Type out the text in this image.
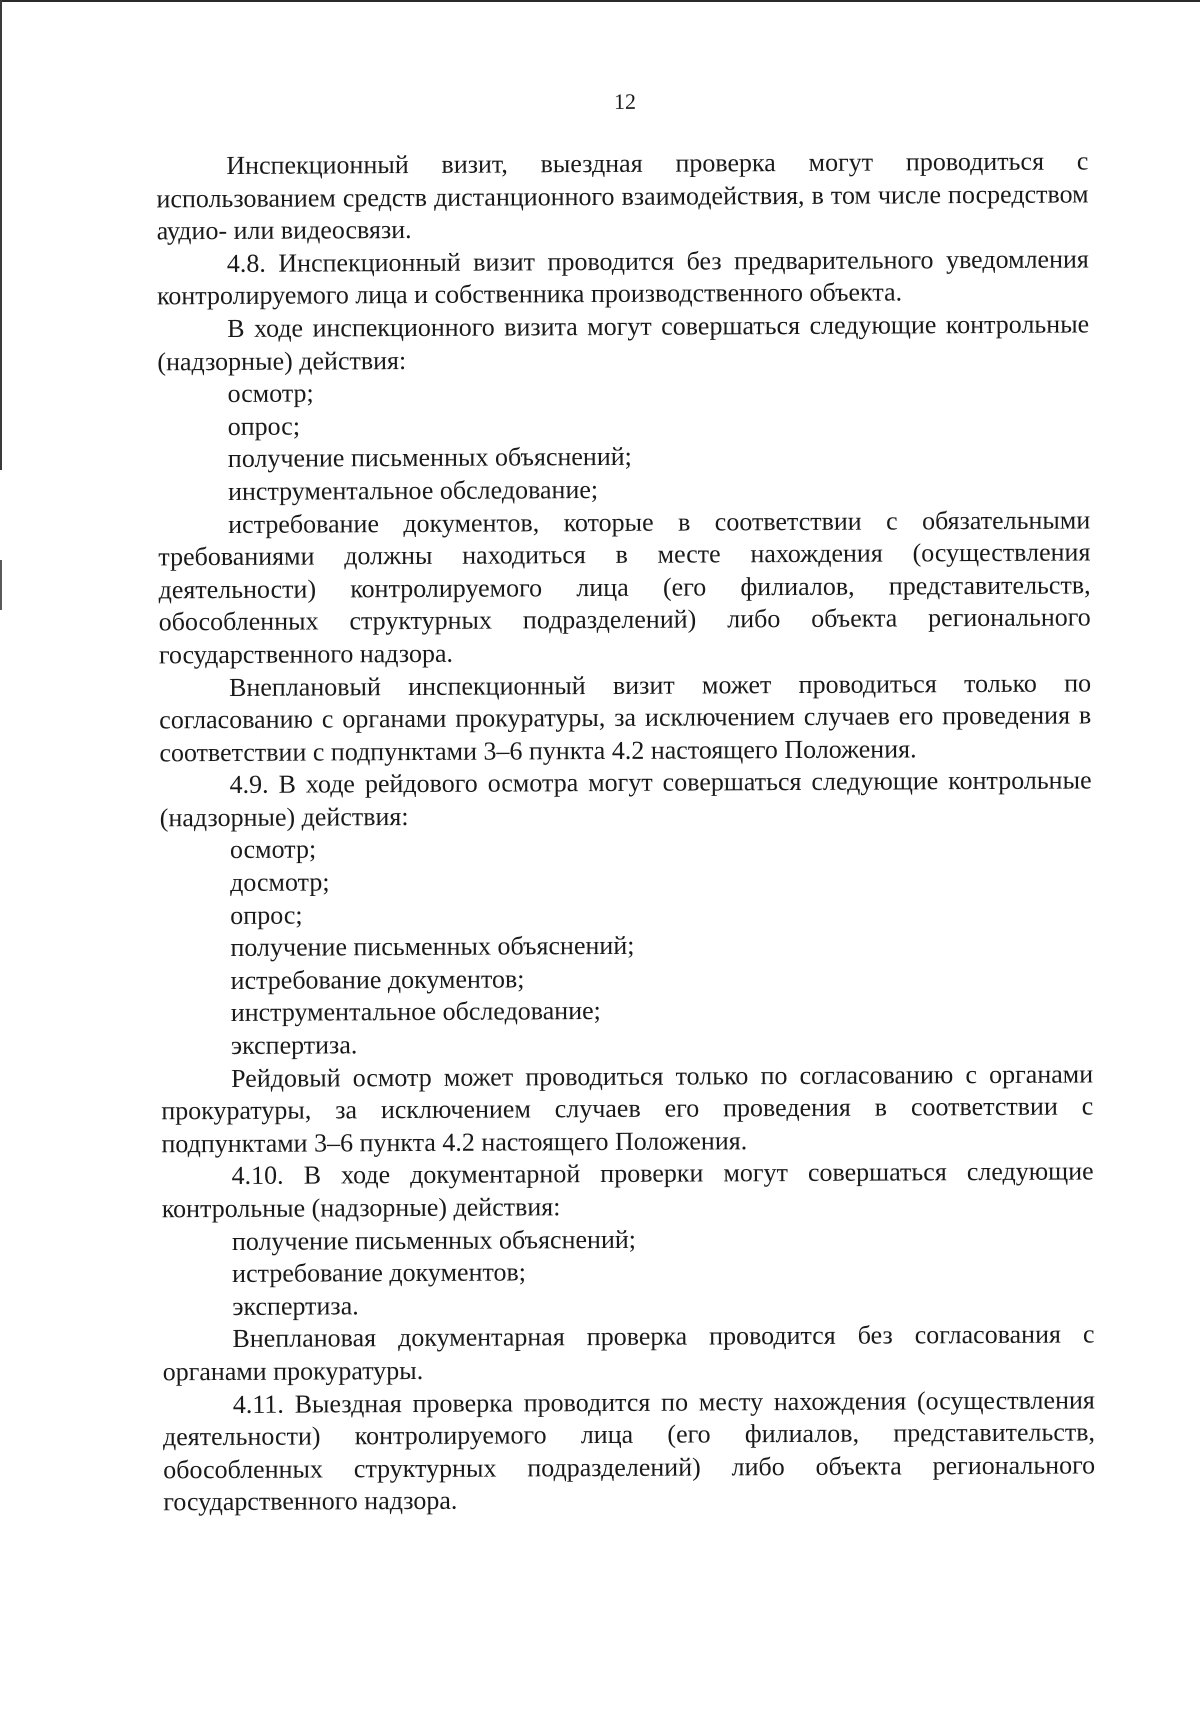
12

Инспекционный визит, выездная проверка могут проводиться с использованием средств дистанционного взаимодействия, в том числе посредством аудио- или видеосвязи.

4.8. Инспекционный визит проводится без предварительного уведомления контролируемого лица и собственника производственного объекта.

В ходе инспекционного визита могут совершаться следующие контрольные (надзорные) действия:

осмотр;

опрос;

получение письменных объяснений;

инструментальное обследование;

истребование документов, которые в соответствии с обязательными требованиями должны находиться в месте нахождения (осуществления деятельности) контролируемого лица (его филиалов, представительств, обособленных структурных подразделений) либо объекта регионального государственного надзора.

Внеплановый инспекционный визит может проводиться только по согласованию с органами прокуратуры, за исключением случаев его проведения в соответствии с подпунктами 3–6 пункта 4.2 настоящего Положения.

4.9. В ходе рейдового осмотра могут совершаться следующие контрольные (надзорные) действия:

осмотр;

досмотр;

опрос;

получение письменных объяснений;

истребование документов;

инструментальное обследование;

экспертиза.

Рейдовый осмотр может проводиться только по согласованию с органами прокуратуры, за исключением случаев его проведения в соответствии с подпунктами 3–6 пункта 4.2 настоящего Положения.

4.10. В ходе документарной проверки могут совершаться следующие контрольные (надзорные) действия:

получение письменных объяснений;

истребование документов;

экспертиза.

Внеплановая документарная проверка проводится без согласования с органами прокуратуры.

4.11. Выездная проверка проводится по месту нахождения (осуществления деятельности) контролируемого лица (его филиалов, представительств, обособленных структурных подразделений) либо объекта регионального государственного надзора.
